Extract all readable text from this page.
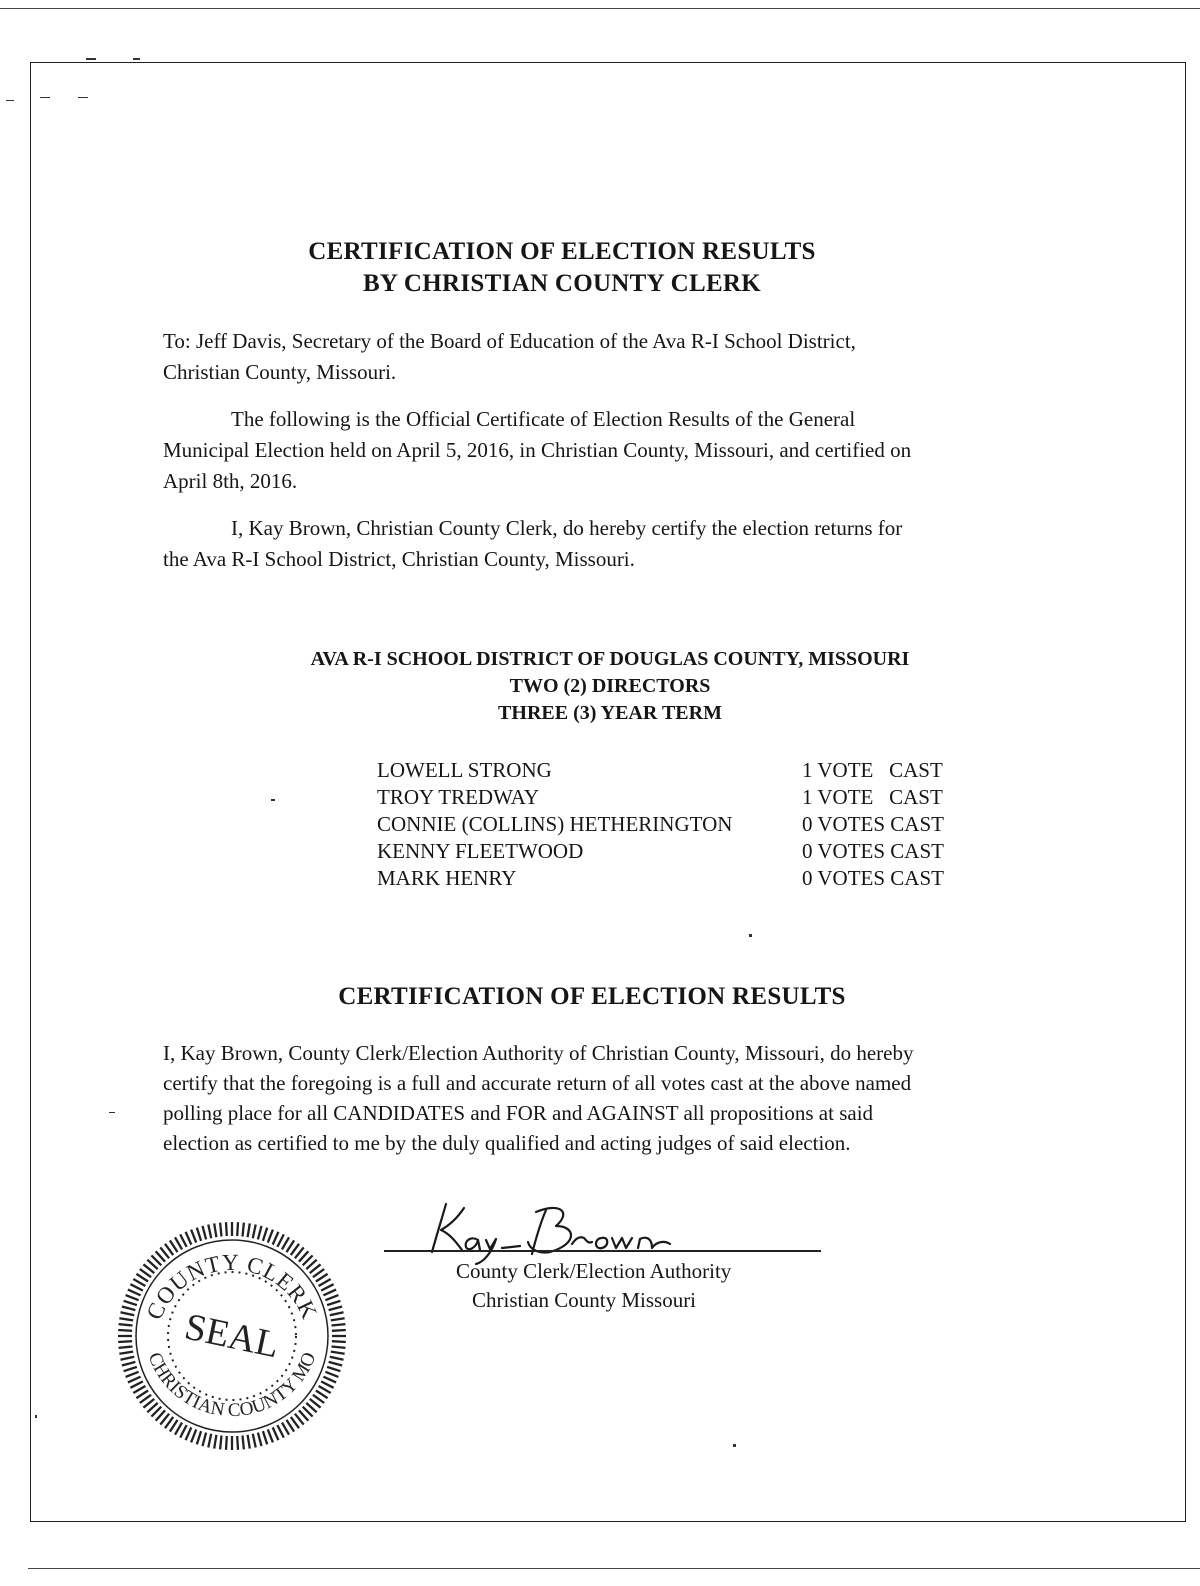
CERTIFICATION OF ELECTION RESULTS
BY CHRISTIAN COUNTY CLERK
To: Jeff Davis, Secretary of the Board of Education of the Ava R-I School District,
Christian County, Missouri.
The following is the Official Certificate of Election Results of the General
Municipal Election held on April 5, 2016, in Christian County, Missouri, and certified on
April 8th, 2016.
I, Kay Brown, Christian County Clerk, do hereby certify the election returns for
the Ava R-I School District, Christian County, Missouri.
AVA R-I SCHOOL DISTRICT OF DOUGLAS COUNTY, MISSOURI
TWO (2) DIRECTORS
THREE (3) YEAR TERM
LOWELL STRONG	1 VOTE   CAST
TROY TREDWAY	1 VOTE   CAST
CONNIE (COLLINS) HETHERINGTON	0 VOTES CAST
KENNY FLEETWOOD	0 VOTES CAST
MARK HENRY	0 VOTES CAST
CERTIFICATION OF ELECTION RESULTS
I, Kay Brown, County Clerk/Election Authority of Christian County, Missouri, do hereby
certify that the foregoing is a full and accurate return of all votes cast at the above named
polling place for all CANDIDATES and FOR and AGAINST all propositions at said
election as certified to me by the duly qualified and acting judges of said election.
County Clerk/Election Authority
Christian County Missouri
COUNTY CLERK
CHRISTIAN COUNTY MO
SEAL
